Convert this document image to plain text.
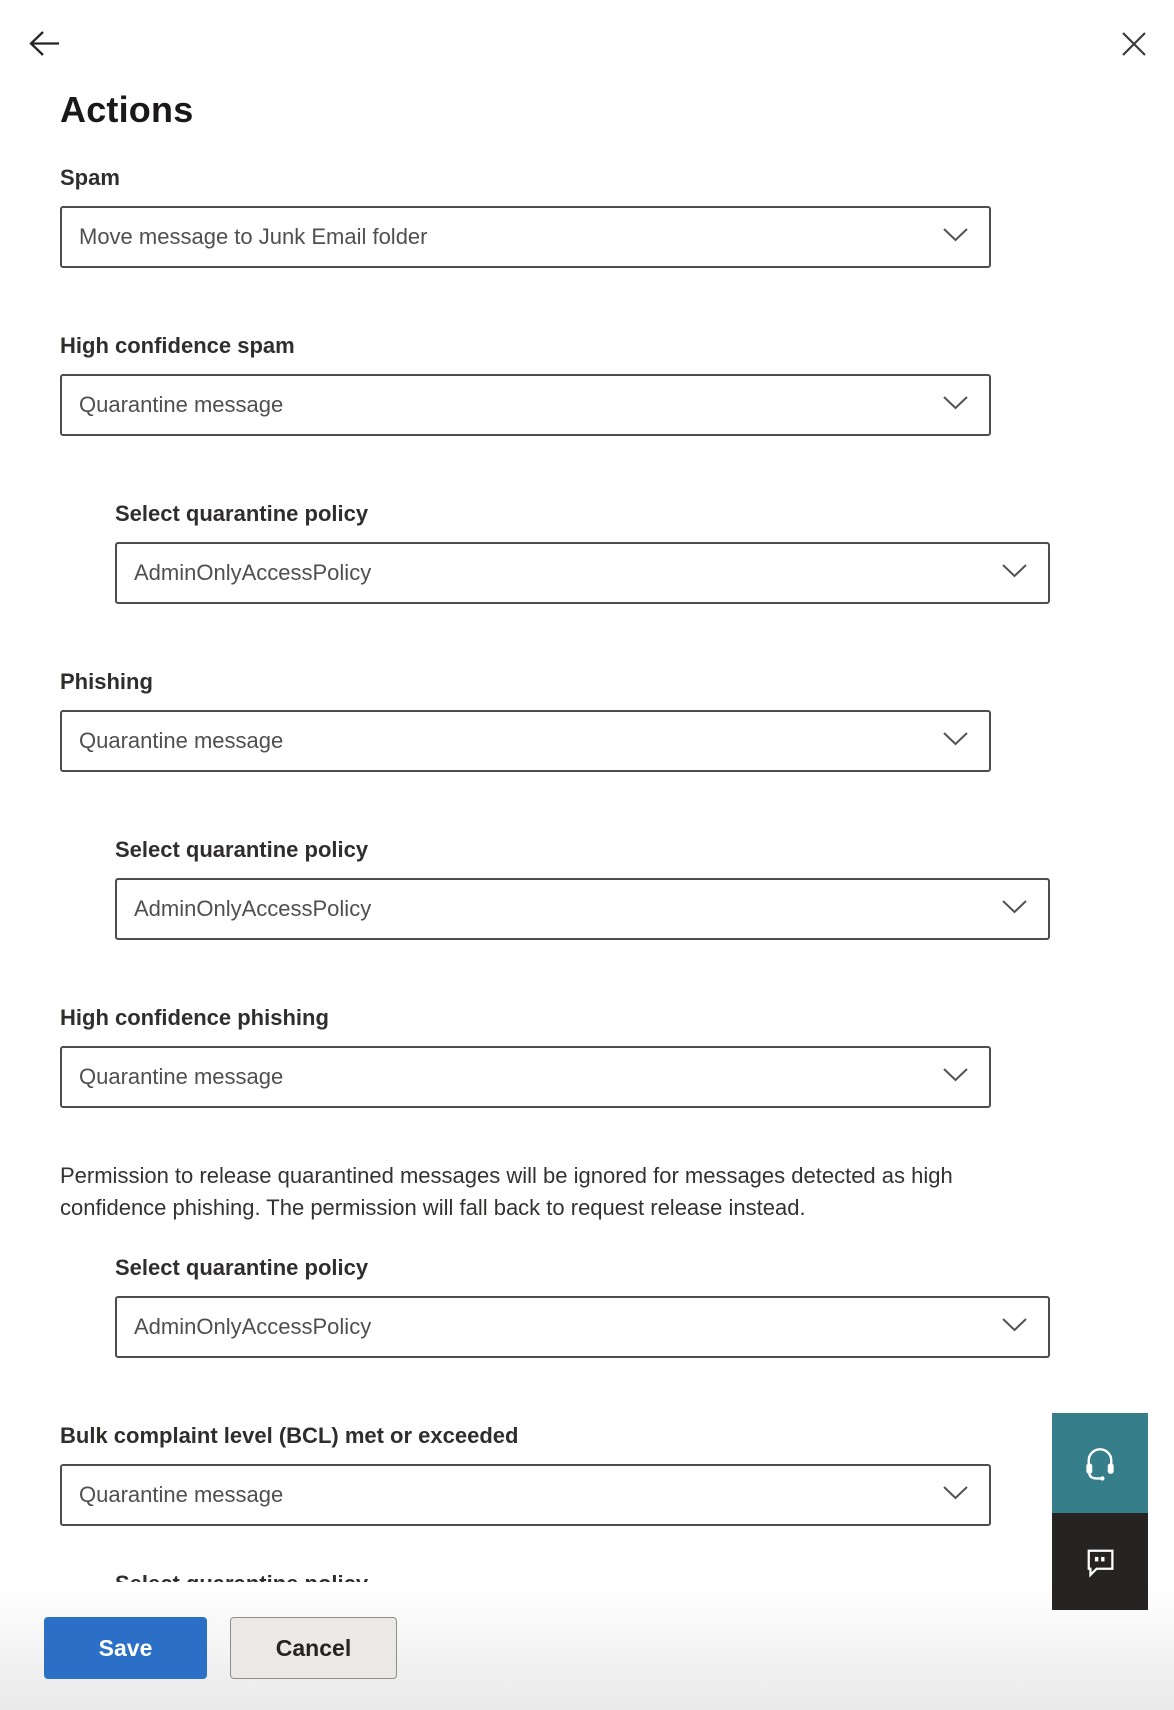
Actions
Spam
Move message to Junk Email folder
High confidence spam
Quarantine message
Select quarantine policy
AdminOnlyAccessPolicy
Phishing
Quarantine message
Select quarantine policy
AdminOnlyAccessPolicy
High confidence phishing
Quarantine message
Permission to release quarantined messages will be ignored for messages detected as high confidence phishing. The permission will fall back to request release instead.
Select quarantine policy
AdminOnlyAccessPolicy
Bulk complaint level (BCL) met or exceeded
Quarantine message
Save	Cancel
